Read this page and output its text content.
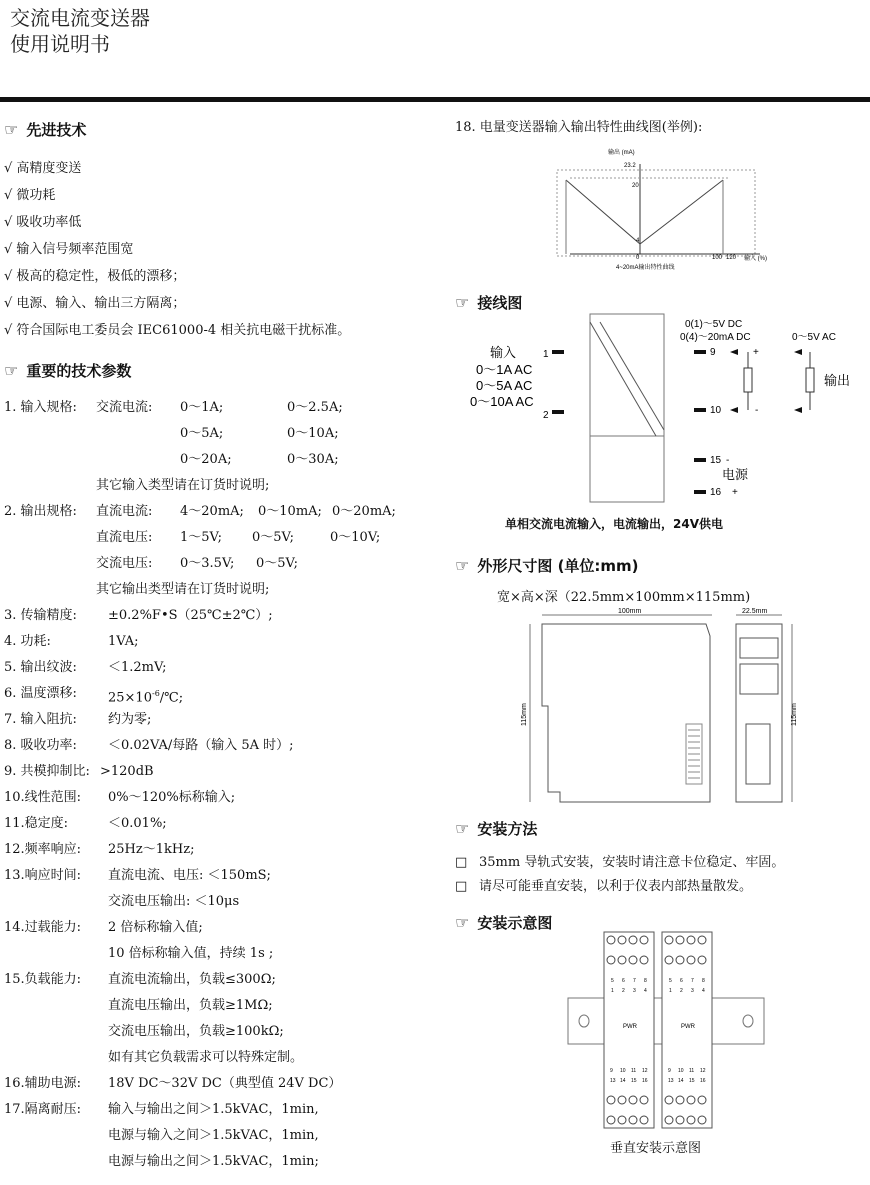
交流电流变送器
使用说明书
☞ 先进技术
√ 高精度变送
√ 微功耗
√ 吸收功率低
√ 输入信号频率范围宽
√ 极高的稳定性，极低的漂移；
√ 电源、输入、输出三方隔离；
√ 符合国际电工委员会 IEC61000-4 相关抗电磁干扰标准。
☞ 重要的技术参数
1. 输入规格: 交流电流: 0～1A;	0～2.5A;
0～5A;	0～10A;
0～20A;	0～30A;
其它输入类型请在订货时说明;
2. 输出规格: 直流电流: 4～20mA; 0～10mA; 0～20mA;
直流电压: 1～5V; 0～5V;	0～10V;
交流电压: 0～3.5V; 0～5V;
其它输出类型请在订货时说明;
3. 传输精度: ±0.2%F•S（25℃±2℃）;
4. 功耗:	1VA;
5. 输出纹波: ＜1.2mV;
6. 温度漂移: $25\times 10^{-6}/℃$;
7. 输入阻抗: 约为零;
8. 吸收功率: ＜0.02VA/每路（输入 5A 时）;
9. 共模抑制比: >120dB
10.线性范围: 0%～120%标称输入;
11.稳定度:	＜0.01%;
12.频率响应: 25Hz～1kHz;
13.响应时间: 直流电流、电压: ＜150mS;
交流电压输出: ＜10μs
14.过载能力: 2 倍标称输入值;
10 倍标称输入值，持续 1s ;
15.负载能力: 直流电流输出，负载≤300Ω;
直流电压输出，负载≥1MΩ;
交流电压输出，负载≥100kΩ;
如有其它负载需求可以特殊定制。
16.辅助电源: 18V DC～32V DC（典型值 24V DC）
17.隔离耐压: 输入与输出之间＞1.5kVAC，1min,
电源与输入之间＞1.5kVAC，1min,
电源与输出之间＞1.5kVAC，1min;
18. 电量变送器输入输出特性曲线图(举例):
输出 (mA)
23.2
20
4
0	100 120 输入 (%)
4~20mA输出特性曲线
☞ 接线图
0(1)～5V DC
0(4)～20mA DC	0～5V AC
输入
0～1A AC
0～5A AC
0～10A AC
1
2
9
10
+
-
输出
15 -
电源
16 +
单相交流电流输入，电流输出，24V供电
☞ 外形尺寸图 (单位:mm)
宽×高×深（22.5mm×100mm×115mm)
100mm
115mm
22.5mm
115mm
☞ 安装方法
□ 35mm 导轨式安装，安装时请注意卡位稳定、牢固。
□ 请尽可能垂直安装，以利于仪表内部热量散发。
☞ 安装示意图
5 6 7 8
1 2 3 4
PWR
9 10 11 12
13 14 15 16
5 6 7 8
1 2 3 4
PWR
9 10 11 12
13 14 15 16
垂直安装示意图
